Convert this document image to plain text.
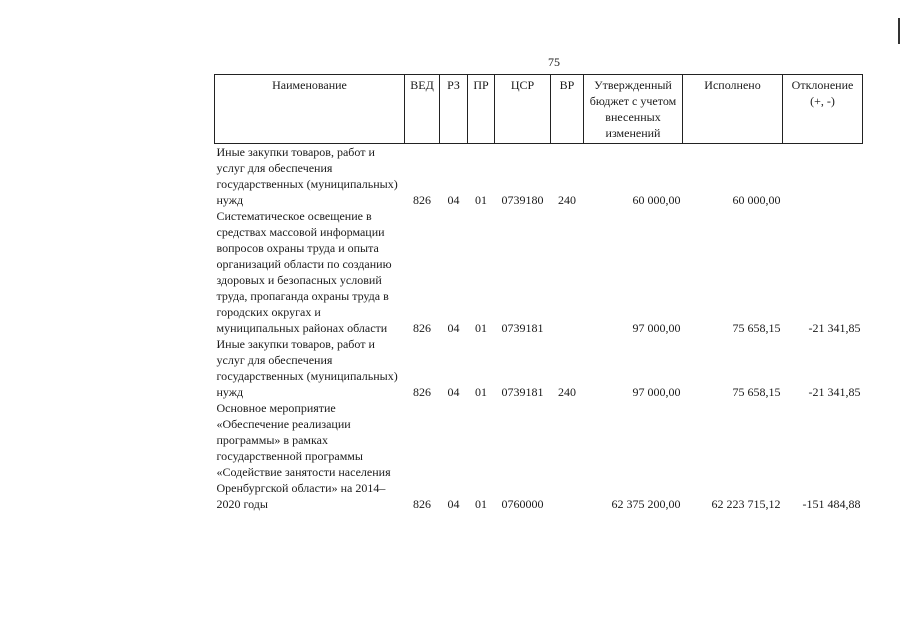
75
Наименование	ВЕД	РЗ	ПР	ЦСР	ВР	Утвержденный бюджет с учетом внесенных изменений	Исполнено	Отклонение (+, -)
Иные закупки товаров, работ и услуг для обеспечения государственных (муниципальных) нужд	826	04	01	0739180	240	60 000,00	60 000,00	
Систематическое освещение в средствах массовой информации вопросов охраны труда и опыта организаций области по созданию здоровых и безопасных условий труда, пропаганда охраны труда в городских округах и муниципальных районах области	826	04	01	0739181		97 000,00	75 658,15	-21 341,85
Иные закупки товаров, работ и услуг для обеспечения государственных (муниципальных) нужд	826	04	01	0739181	240	97 000,00	75 658,15	-21 341,85
Основное мероприятие «Обеспечение реализации программы» в рамках государственной программы «Содействие занятости населения Оренбургской области» на 2014–2020 годы	826	04	01	0760000		62 375 200,00	62 223 715,12	-151 484,88
